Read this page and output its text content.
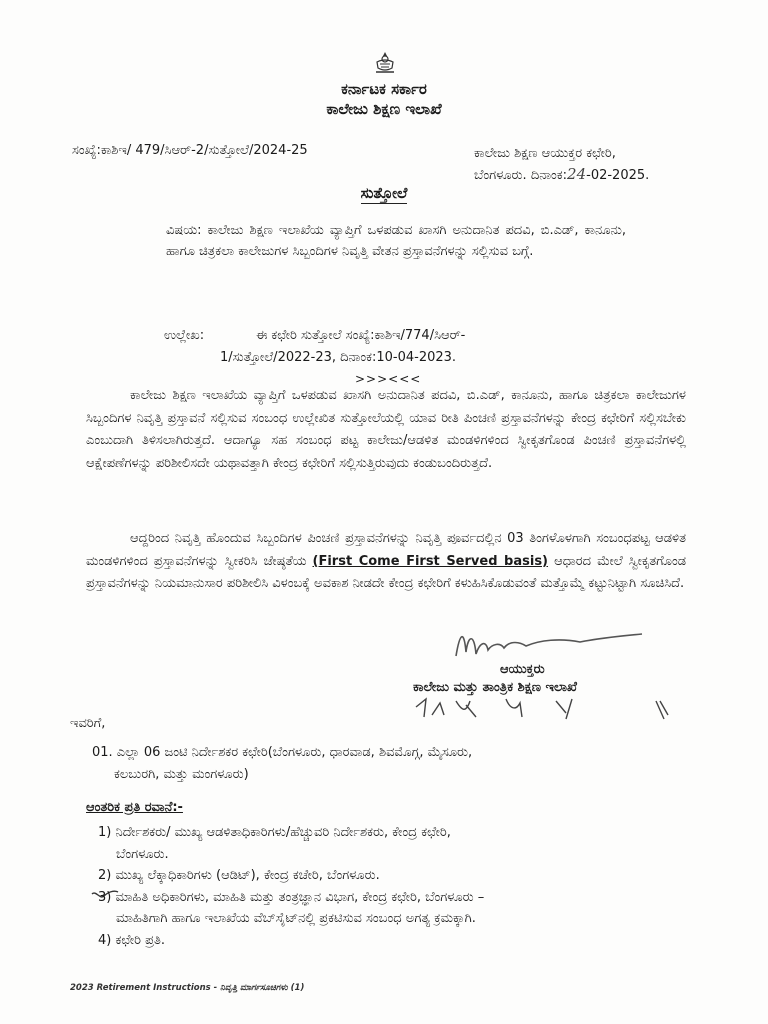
ಕರ್ನಾಟಕ ಸರ್ಕಾರ
ಕಾಲೇಜು ಶಿಕ್ಷಣ ಇಲಾಖೆ
ಸಂಖ್ಯೆ:ಕಾಶಿಇ/ 479/ಸಿಆರ್-2/ಸುತ್ತೋಲೆ/2024-25	ಕಾಲೇಜು ಶಿಕ್ಷಣ ಆಯುಕ್ತರ ಕಛೇರಿ,
ಬೆಂಗಳೂರು. ದಿನಾಂಕ:24-02-2025.
ಸುತ್ತೋಲೆ
ವಿಷಯ: ಕಾಲೇಜು ಶಿಕ್ಷಣ ಇಲಾಖೆಯ ವ್ಯಾಪ್ತಿಗೆ ಒಳಪಡುವ ಖಾಸಗಿ ಅನುದಾನಿತ ಪದವಿ, ಬಿ.ಎಡ್, ಕಾನೂನು, ಹಾಗೂ ಚಿತ್ರಕಲಾ ಕಾಲೇಜುಗಳ ಸಿಬ್ಬಂದಿಗಳ ನಿವೃತ್ತಿ ವೇತನ ಪ್ರಸ್ತಾವನೆಗಳನ್ನು ಸಲ್ಲಿಸುವ ಬಗ್ಗೆ.
ಉಲ್ಲೇಖ:	ಈ ಕಛೇರಿ ಸುತ್ತೋಲೆ ಸಂಖ್ಯೆ:ಕಾಶಿಇ/774/ಸಿಆರ್-
1/ಸುತ್ತೋಲೆ/2022-23, ದಿನಾಂಕ:10-04-2023.
>>><<<
ಕಾಲೇಜು ಶಿಕ್ಷಣ ಇಲಾಖೆಯ ವ್ಯಾಪ್ತಿಗೆ ಒಳಪಡುವ ಖಾಸಗಿ ಅನುದಾನಿತ ಪದವಿ, ಬಿ.ಎಡ್, ಕಾನೂನು, ಹಾಗೂ ಚಿತ್ರಕಲಾ ಕಾಲೇಜುಗಳ ಸಿಬ್ಬಂದಿಗಳ ನಿವೃತ್ತಿ ಪ್ರಸ್ತಾವನೆ ಸಲ್ಲಿಸುವ ಸಂಬಂಧ ಉಲ್ಲೇಖಿತ ಸುತ್ತೋಲೆಯಲ್ಲಿ ಯಾವ ರೀತಿ ಪಿಂಚಣಿ ಪ್ರಸ್ತಾವನೆಗಳನ್ನು ಕೇಂದ್ರ ಕಛೇರಿಗೆ ಸಲ್ಲಿಸಬೇಕು ಎಂಬುದಾಗಿ ತಿಳಿಸಲಾಗಿರುತ್ತದೆ. ಆದಾಗ್ಯೂ ಸಹ ಸಂಬಂಧ ಪಟ್ಟ ಕಾಲೇಜು/ಆಡಳಿತ ಮಂಡಳಿಗಳಿಂದ ಸ್ವೀಕೃತಗೊಂಡ ಪಿಂಚಣಿ ಪ್ರಸ್ತಾವನೆಗಳಲ್ಲಿ ಆಕ್ಷೇಪಣೆಗಳನ್ನು ಪರಿಶೀಲಿಸದೇ ಯಥಾವತ್ತಾಗಿ ಕೇಂದ್ರ ಕಛೇರಿಗೆ ಸಲ್ಲಿಸುತ್ತಿರುವುದು ಕಂಡುಬಂದಿರುತ್ತದೆ.
ಆದ್ದರಿಂದ ನಿವೃತ್ತಿ ಹೊಂದುವ ಸಿಬ್ಬಂದಿಗಳ ಪಿಂಚಣಿ ಪ್ರಸ್ತಾವನೆಗಳನ್ನು ನಿವೃತ್ತಿ ಪೂರ್ವದಲ್ಲಿನ 03 ತಿಂಗಳೊಳಗಾಗಿ ಸಂಬಂಧಪಟ್ಟ ಆಡಳಿತ ಮಂಡಳಿಗಳಿಂದ ಪ್ರಸ್ತಾವನೆಗಳನ್ನು ಸ್ವೀಕರಿಸಿ ಜೇಷ್ಠತೆಯ (First Come First Served basis) ಆಧಾರದ ಮೇಲೆ ಸ್ವೀಕೃತಗೊಂಡ ಪ್ರಸ್ತಾವನೆಗಳನ್ನು ನಿಯಮಾನುಸಾರ ಪರಿಶೀಲಿಸಿ ವಿಳಂಬಕ್ಕೆ ಅವಕಾಶ ನೀಡದೇ ಕೇಂದ್ರ ಕಛೇರಿಗೆ ಕಳುಹಿಸಿಕೊಡುವಂತೆ ಮತ್ತೊಮ್ಮೆ ಕಟ್ಟುನಿಟ್ಟಾಗಿ ಸೂಚಿಸಿದೆ.
ಆಯುಕ್ತರು
ಕಾಲೇಜು ಮತ್ತು ತಾಂತ್ರಿಕ ಶಿಕ್ಷಣ ಇಲಾಖೆ
ಇವರಿಗೆ,
01. ಎಲ್ಲಾ 06 ಜಂಟಿ ನಿರ್ದೇಶಕರ ಕಛೇರಿ(ಬೆಂಗಳೂರು, ಧಾರವಾಡ, ಶಿವಮೊಗ್ಗ, ಮೈಸೂರು,
ಕಲಬುರಗಿ, ಮತ್ತು ಮಂಗಳೂರು)
ಆಂತರಿಕ ಪ್ರತಿ ರವಾನೆ:-
1) ನಿರ್ದೇಶಕರು/ ಮುಖ್ಯ ಆಡಳಿತಾಧಿಕಾರಿಗಳು/ಹೆಚ್ಚುವರಿ ನಿರ್ದೇಶಕರು, ಕೇಂದ್ರ ಕಛೇರಿ,
ಬೆಂಗಳೂರು.
2) ಮುಖ್ಯ ಲೆಕ್ಕಾಧಿಕಾರಿಗಳು (ಆಡಿಟ್), ಕೇಂದ್ರ ಕಚೇರಿ, ಬೆಂಗಳೂರು.
3) ಮಾಹಿತಿ ಅಧಿಕಾರಿಗಳು, ಮಾಹಿತಿ ಮತ್ತು ತಂತ್ರಜ್ಞಾನ ವಿಭಾಗ, ಕೇಂದ್ರ ಕಛೇರಿ, ಬೆಂಗಳೂರು –
ಮಾಹಿತಿಗಾಗಿ ಹಾಗೂ ಇಲಾಖೆಯ ವೆಬ್‌ಸೈಟ್‌ನಲ್ಲಿ ಪ್ರಕಟಿಸುವ ಸಂಬಂಧ ಅಗತ್ಯ ಕ್ರಮಕ್ಕಾಗಿ.
4) ಕಛೇರಿ ಪ್ರತಿ.
2023 Retirement Instructions - ನಿವೃತ್ತಿ ಮಾರ್ಗಸೂಚಿಗಳು (1)
